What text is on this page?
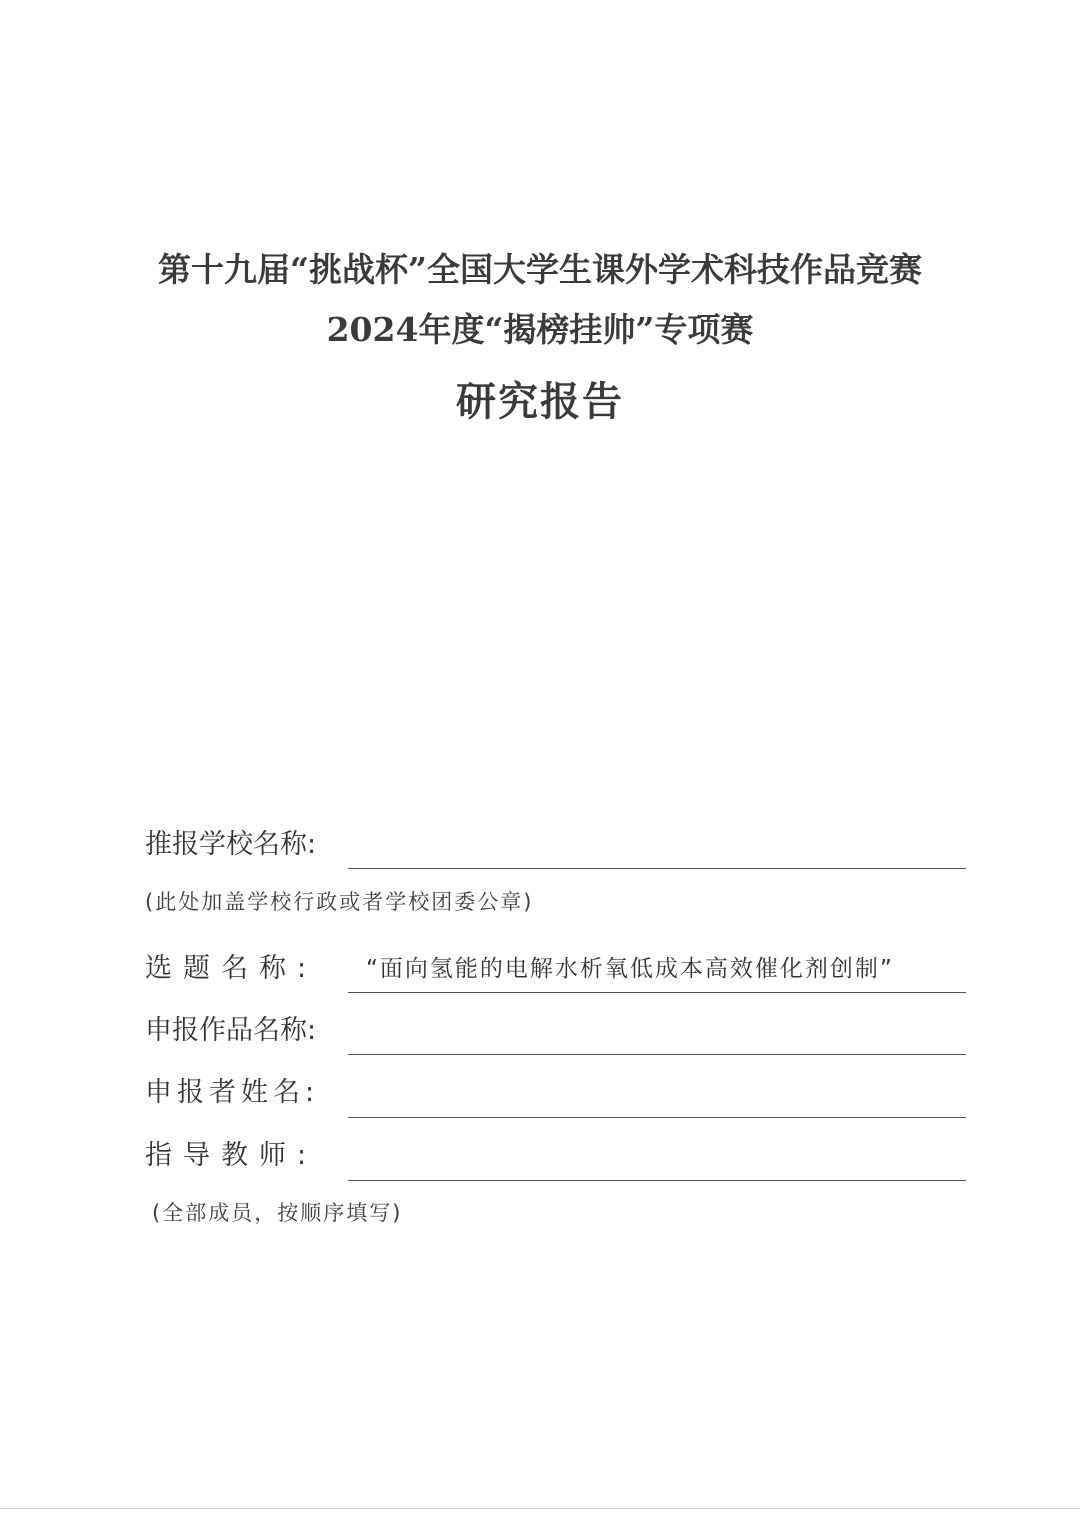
第十九届“挑战杯”全国大学生课外学术科技作品竞赛
2024年度“揭榜挂帅”专项赛
研究报告
推报学校名称:
(此处加盖学校行政或者学校团委公章)
选题名称: “面向氢能的电解水析氧低成本高效催化剂创制”
申报作品名称:
申报者姓名:
指导教师:
(全部成员，按顺序填写)
